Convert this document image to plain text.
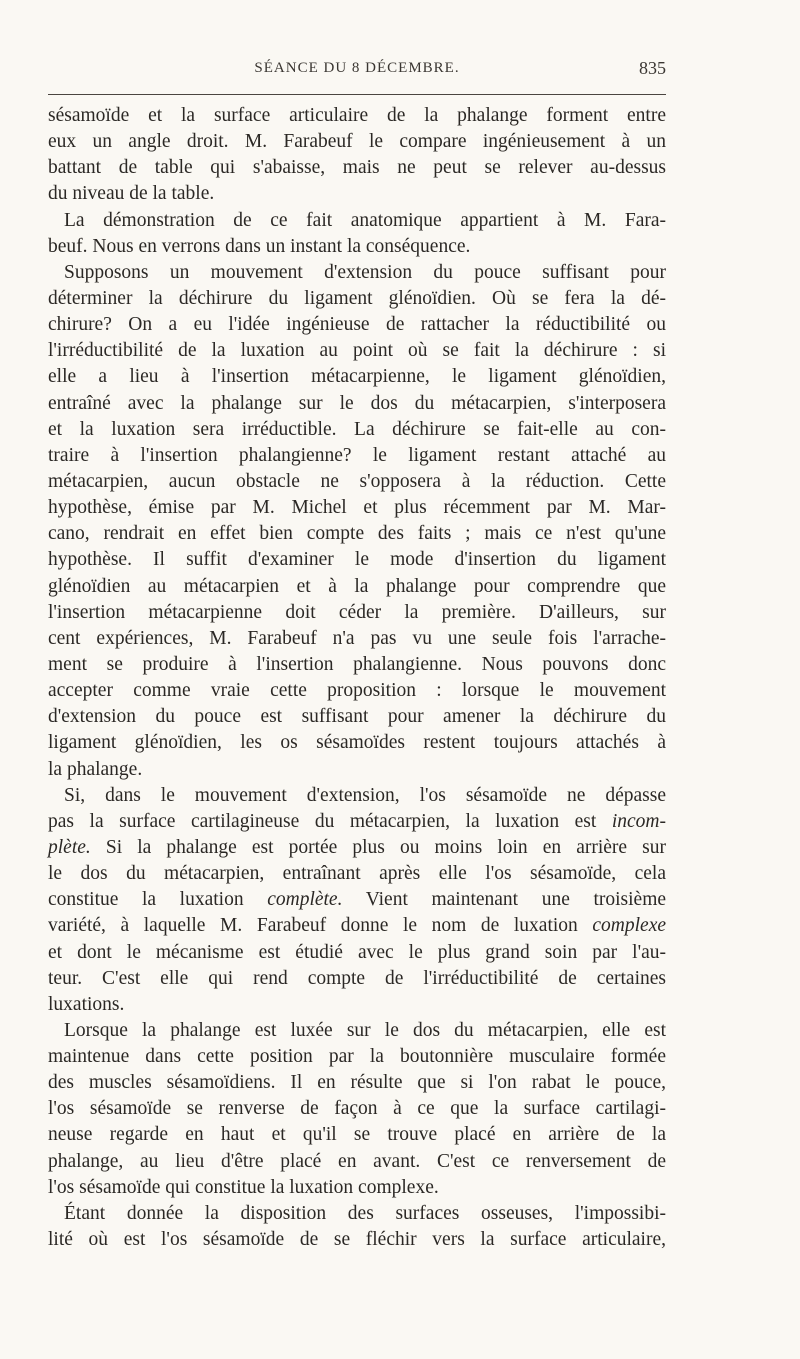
SÉANCE DU 8 DÉCEMBRE.	835
sésamoïde et la surface articulaire de la phalange forment entre
eux un angle droit. M. Farabeuf le compare ingénieusement à un
battant de table qui s'abaisse, mais ne peut se relever au-dessus
du niveau de la table.
La démonstration de ce fait anatomique appartient à M. Fara-
beuf. Nous en verrons dans un instant la conséquence.
Supposons un mouvement d'extension du pouce suffisant pour
déterminer la déchirure du ligament glénoïdien. Où se fera la dé-
chirure? On a eu l'idée ingénieuse de rattacher la réductibilité ou
l'irréductibilité de la luxation au point où se fait la déchirure : si
elle a lieu à l'insertion métacarpienne, le ligament glénoïdien,
entraîné avec la phalange sur le dos du métacarpien, s'interposera
et la luxation sera irréductible. La déchirure se fait-elle au con-
traire à l'insertion phalangienne? le ligament restant attaché au
métacarpien, aucun obstacle ne s'opposera à la réduction. Cette
hypothèse, émise par M. Michel et plus récemment par M. Mar-
cano, rendrait en effet bien compte des faits ; mais ce n'est qu'une
hypothèse. Il suffit d'examiner le mode d'insertion du ligament
glénoïdien au métacarpien et à la phalange pour comprendre que
l'insertion métacarpienne doit céder la première. D'ailleurs, sur
cent expériences, M. Farabeuf n'a pas vu une seule fois l'arrache-
ment se produire à l'insertion phalangienne. Nous pouvons donc
accepter comme vraie cette proposition : lorsque le mouvement
d'extension du pouce est suffisant pour amener la déchirure du
ligament glénoïdien, les os sésamoïdes restent toujours attachés à
la phalange.
Si, dans le mouvement d'extension, l'os sésamoïde ne dépasse
pas la surface cartilagineuse du métacarpien, la luxation est incom-
plète. Si la phalange est portée plus ou moins loin en arrière sur
le dos du métacarpien, entraînant après elle l'os sésamoïde, cela
constitue la luxation complète. Vient maintenant une troisième
variété, à laquelle M. Farabeuf donne le nom de luxation complexe
et dont le mécanisme est étudié avec le plus grand soin par l'au-
teur. C'est elle qui rend compte de l'irréductibilité de certaines
luxations.
Lorsque la phalange est luxée sur le dos du métacarpien, elle est
maintenue dans cette position par la boutonnière musculaire formée
des muscles sésamoïdiens. Il en résulte que si l'on rabat le pouce,
l'os sésamoïde se renverse de façon à ce que la surface cartilagi-
neuse regarde en haut et qu'il se trouve placé en arrière de la
phalange, au lieu d'être placé en avant. C'est ce renversement de
l'os sésamoïde qui constitue la luxation complexe.
Étant donnée la disposition des surfaces osseuses, l'impossibi-
lité où est l'os sésamoïde de se fléchir vers la surface articulaire,
